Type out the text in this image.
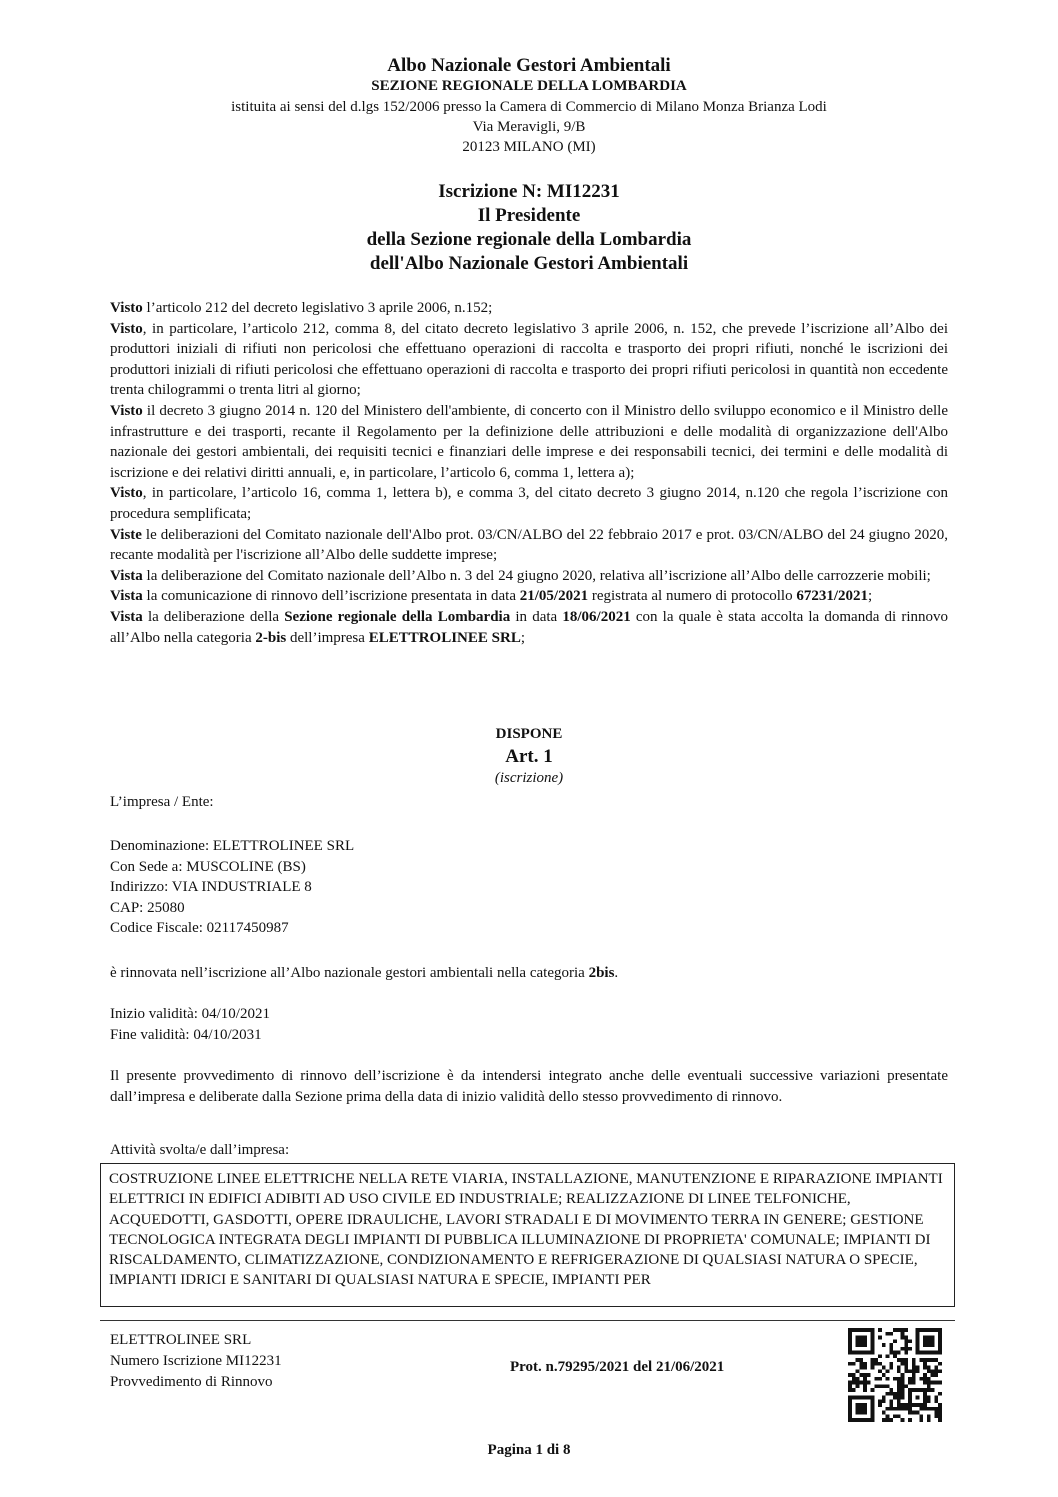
Albo Nazionale Gestori Ambientali
SEZIONE REGIONALE DELLA LOMBARDIA
istituita ai sensi del d.lgs 152/2006 presso la Camera di Commercio di Milano Monza Brianza Lodi
Via Meravigli, 9/B
20123 MILANO (MI)
Iscrizione N: MI12231
Il Presidente
della Sezione regionale della Lombardia
dell'Albo Nazionale Gestori Ambientali

Visto l’articolo 212 del decreto legislativo 3 aprile 2006, n.152;

Visto, in particolare, l’articolo 212, comma 8, del citato decreto legislativo 3 aprile 2006, n. 152, che prevede l’iscrizione all’Albo dei produttori iniziali di rifiuti non pericolosi che effettuano operazioni di raccolta e trasporto dei propri rifiuti, nonché le iscrizioni dei produttori iniziali di rifiuti pericolosi che effettuano operazioni di raccolta e trasporto dei propri rifiuti pericolosi in quantità non eccedente trenta chilogrammi o trenta litri al giorno;

Visto il decreto 3 giugno 2014 n. 120 del Ministero dell'ambiente, di concerto con il Ministro dello sviluppo economico e il Ministro delle infrastrutture e dei trasporti, recante il Regolamento per la definizione delle attribuzioni e delle modalità di organizzazione dell'Albo nazionale dei gestori ambientali, dei requisiti tecnici e finanziari delle imprese e dei responsabili tecnici, dei termini e delle modalità di iscrizione e dei relativi diritti annuali, e, in particolare, l’articolo 6, comma 1, lettera a);

Visto, in particolare, l’articolo 16, comma 1, lettera b), e comma 3, del citato decreto 3 giugno 2014, n.120 che regola l’iscrizione con procedura semplificata;

Viste le deliberazioni del Comitato nazionale dell'Albo prot. 03/CN/ALBO del 22 febbraio 2017 e prot. 03/CN/ALBO del 24 giugno 2020, recante modalità per l'iscrizione all’Albo delle suddette imprese;

Vista la deliberazione del Comitato nazionale dell’Albo n. 3 del 24 giugno 2020, relativa all’iscrizione all’Albo delle carrozzerie mobili;

Vista la comunicazione di rinnovo dell’iscrizione presentata in data 21/05/2021 registrata al numero di protocollo 67231/2021;

Vista la deliberazione della Sezione regionale della Lombardia in data 18/06/2021 con la quale è stata accolta la domanda di rinnovo all’Albo nella categoria 2-bis dell’impresa ELETTROLINEE SRL;

DISPONE
Art. 1
(iscrizione)
L’impresa / Ente:
Denominazione: ELETTROLINEE SRL
Con Sede a: MUSCOLINE (BS)
Indirizzo: VIA INDUSTRIALE 8
CAP: 25080
Codice Fiscale: 02117450987
è rinnovata nell’iscrizione all’Albo nazionale gestori ambientali nella categoria 2bis.
Inizio validità: 04/10/2021
Fine validità: 04/10/2031
Il presente provvedimento di rinnovo dell’iscrizione è da intendersi integrato anche delle eventuali successive variazioni presentate dall’impresa e deliberate dalla Sezione prima della data di inizio validità dello stesso provvedimento di rinnovo.
Attività svolta/e dall’impresa:
COSTRUZIONE LINEE ELETTRICHE NELLA RETE VIARIA, INSTALLAZIONE, MANUTENZIONE E RIPARAZIONE IMPIANTI ELETTRICI IN EDIFICI ADIBITI AD USO CIVILE ED INDUSTRIALE; REALIZZAZIONE DI LINEE TELFONICHE, ACQUEDOTTI, GASDOTTI, OPERE IDRAULICHE, LAVORI STRADALI E DI MOVIMENTO TERRA IN GENERE; GESTIONE TECNOLOGICA INTEGRATA DEGLI IMPIANTI DI PUBBLICA ILLUMINAZIONE DI PROPRIETA' COMUNALE; IMPIANTI DI RISCALDAMENTO, CLIMATIZZAZIONE, CONDIZIONAMENTO E REFRIGERAZIONE DI QUALSIASI NATURA O SPECIE, IMPIANTI IDRICI E SANITARI DI QUALSIASI NATURA E SPECIE, IMPIANTI PER
ELETTROLINEE SRL
Numero Iscrizione MI12231
Provvedimento di Rinnovo
Prot. n.79295/2021 del 21/06/2021
Pagina 1 di 8
